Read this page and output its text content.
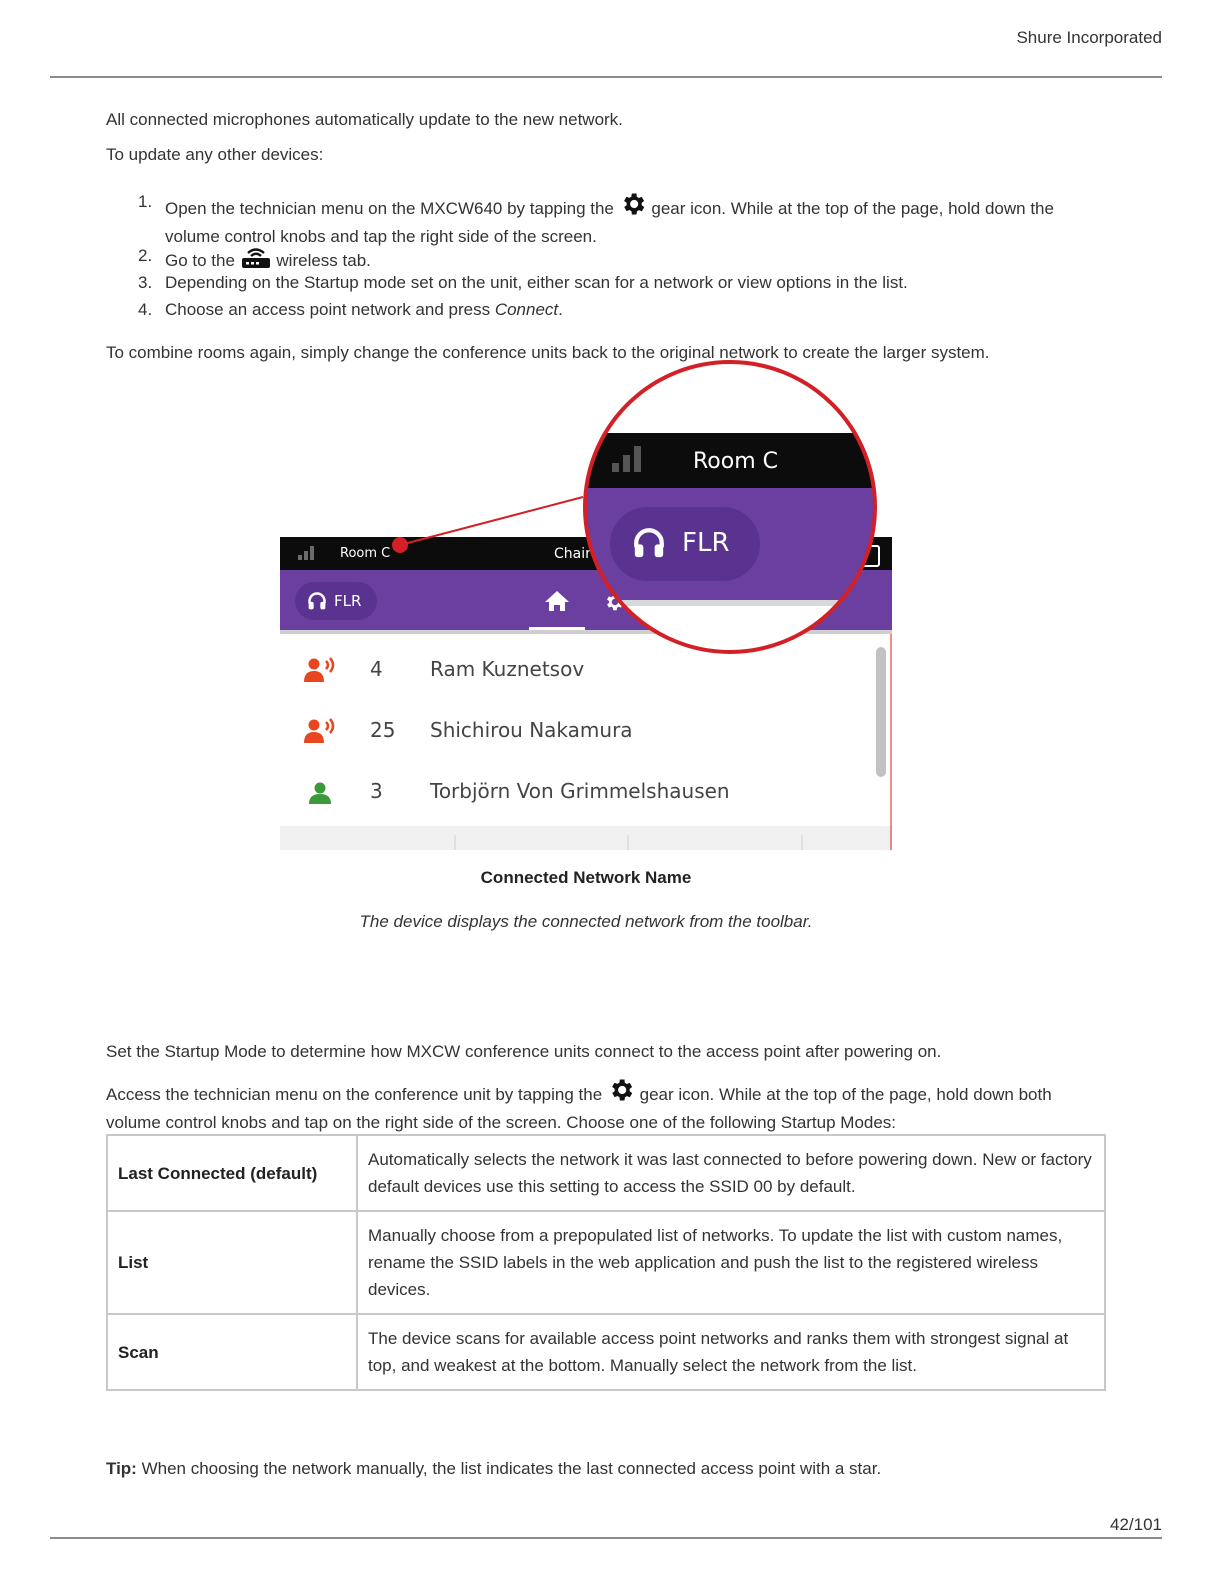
Shure Incorporated
All connected microphones automatically update to the new network.
To update any other devices:
1. Open the technician menu on the MXCW640 by tapping the gear icon. While at the top of the page, hold down the volume control knobs and tap the right side of the screen.
2. Go to the wireless tab.
3. Depending on the Startup mode set on the unit, either scan for a network or view options in the list.
4. Choose an access point network and press Connect.
To combine rooms again, simply change the conference units back to the original network to create the larger system.
Room C	Chair
FLR
4 Ram Kuznetsov
25 Shichirou Nakamura
3 Torbjörn Von Grimmelshausen
Room C
FLR
Connected Network Name
The device displays the connected network from the toolbar.
Set the Startup Mode to determine how MXCW conference units connect to the access point after powering on.
Access the technician menu on the conference unit by tapping the gear icon. While at the top of the page, hold down both volume control knobs and tap on the right side of the screen. Choose one of the following Startup Modes:
Last Connected (default)	Automatically selects the network it was last connected to before powering down. New or factory default devices use this setting to access the SSID 00 by default.
List	Manually choose from a prepopulated list of networks. To update the list with custom names, rename the SSID labels in the web application and push the list to the registered wireless devices.
Scan	The device scans for available access point networks and ranks them with strongest signal at top, and weakest at the bottom. Manually select the network from the list.
Tip: When choosing the network manually, the list indicates the last connected access point with a star.
42/101
